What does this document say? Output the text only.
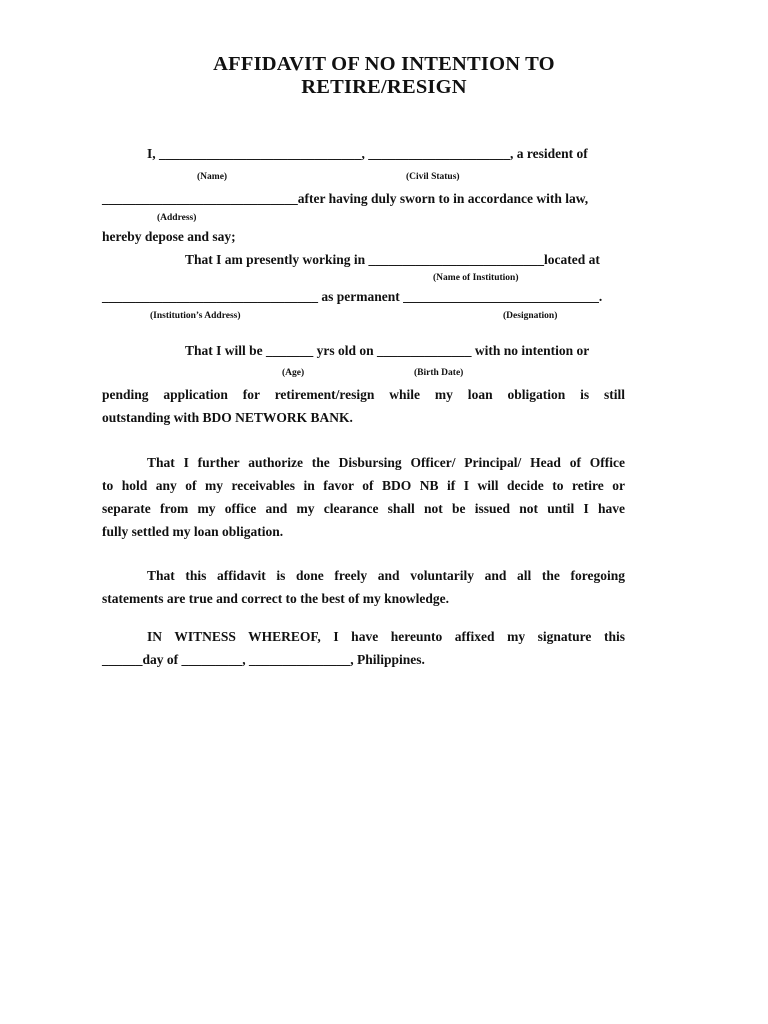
AFFIDAVIT OF NO INTENTION TO
RETIRE/RESIGN
I, ______________________________, _____________________, a resident of
(Name)	(Civil Status)
_____________________________after having duly sworn to in accordance with law,
(Address)
hereby depose and say;
That I am presently working in __________________________located at
(Name of Institution)
________________________________ as permanent _____________________________.
(Institution’s Address)	(Designation)
That I will be _______ yrs old on ______________ with no intention or
(Age)	(Birth Date)
pending application for retirement/resign while my loan obligation is still
outstanding with BDO NETWORK BANK.
That I further authorize the Disbursing Officer/ Principal/ Head of Office
to hold any of my receivables in favor of BDO NB if I will decide to retire or
separate from my office and my clearance shall not be issued not until I have
fully settled my loan obligation.
That this affidavit is done freely and voluntarily and all the foregoing
statements are true and correct to the best of my knowledge.
IN WITNESS WHEREOF, I have hereunto affixed my signature this
______day of _________, _______________, Philippines.
